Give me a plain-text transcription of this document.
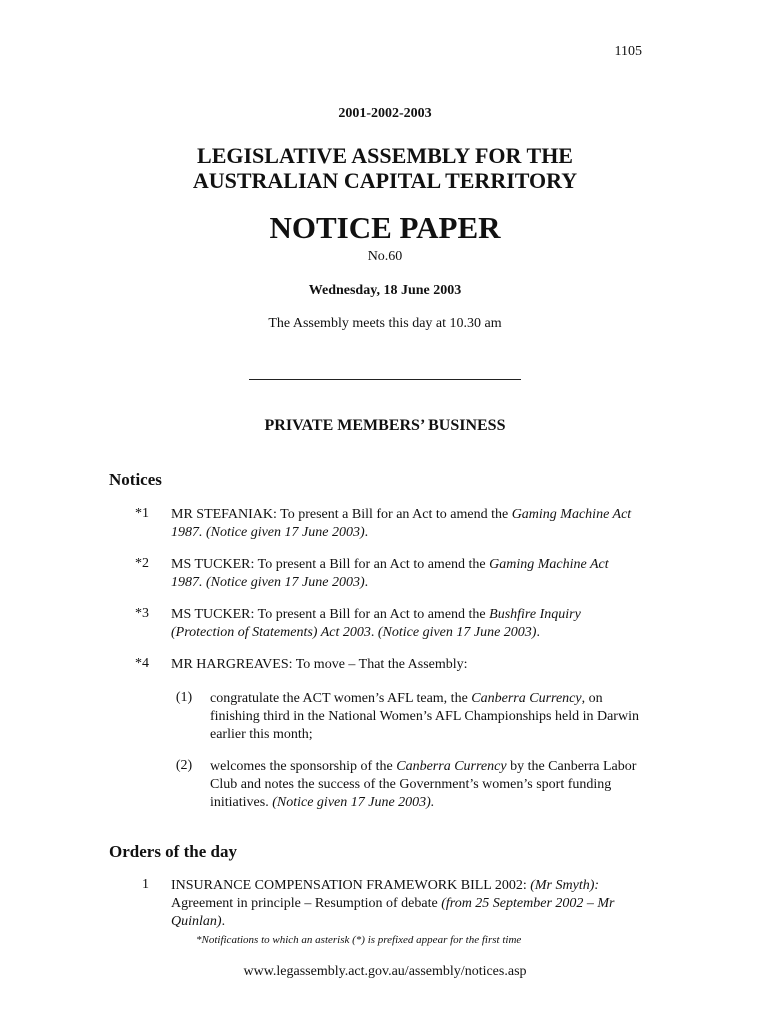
1105
2001-2002-2003
LEGISLATIVE ASSEMBLY FOR THE
AUSTRALIAN CAPITAL TERRITORY
NOTICE PAPER
No.60
Wednesday, 18 June 2003
The Assembly meets this day at 10.30 am
PRIVATE MEMBERS’ BUSINESS
Notices
*1 MR STEFANIAK: To present a Bill for an Act to amend the Gaming Machine Act 1987. (Notice given 17 June 2003).
*2 MS TUCKER: To present a Bill for an Act to amend the Gaming Machine Act 1987. (Notice given 17 June 2003).
*3 MS TUCKER: To present a Bill for an Act to amend the Bushfire Inquiry (Protection of Statements) Act 2003. (Notice given 17 June 2003).
*4 MR HARGREAVES: To move – That the Assembly:
(1)	congratulate the ACT women’s AFL team, the Canberra Currency, on finishing third in the National Women’s AFL Championships held in Darwin earlier this month;
(2)	welcomes the sponsorship of the Canberra Currency by the Canberra Labor Club and notes the success of the Government’s women’s sport funding initiatives. (Notice given 17 June 2003).
Orders of the day
1 INSURANCE COMPENSATION FRAMEWORK BILL 2002: (Mr Smyth): Agreement in principle – Resumption of debate (from 25 September 2002 – Mr Quinlan).
*Notifications to which an asterisk (*) is prefixed appear for the first time
www.legassembly.act.gov.au/assembly/notices.asp
